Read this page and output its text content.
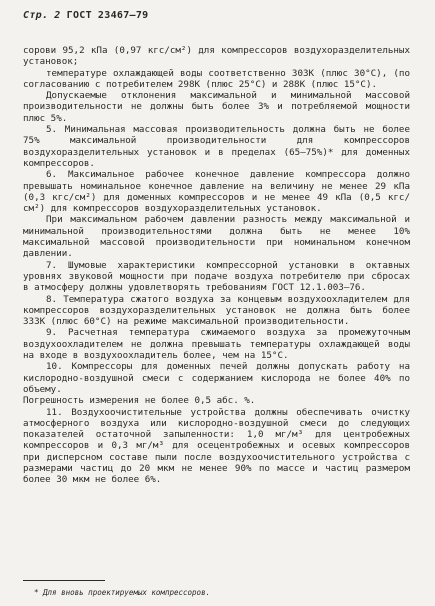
Стр. 2 ГОСТ 23467—79

сорови 95,2 кПа (0,97 кгс/см²) для компрессоров воздухоразделительных установок;

температуре охлаждающей воды соответственно 303К (плюс 30°С), (по согласованию с потребителем 298К (плюс 25°С) и 288К (плюс 15°С).

Допускаемые отклонения максимальной и минимальной массовой производительности не должны быть более 3% и потребляемой мощности плюс 5%.

5. Минимальная массовая производительность должна быть не более 75% максимальной производительности для компрессоров воздухоразделительных установок и в пределах (65—75%)* для доменных компрессоров.

6. Максимальное рабочее конечное давление компрессора должно превышать номинальное конечное давление на величину не менее 29 кПа (0,3 кгс/см²) для доменных компрессоров и не менее 49 кПа (0,5 кгс/см²) для компрессоров воздухоразделительных установок.

При максимальном рабочем давлении разность между максимальной и минимальной производительностями должна быть не менее 10% максимальной массовой производительности при номинальном конечном давлении.

7. Шумовые характеристики компрессорной установки в октавных уровнях звуковой мощности при подаче воздуха потребителю при сбросах в атмосферу должны удовлетворять требованиям ГОСТ 12.1.003—76.

8. Температура сжатого воздуха за концевым воздухоохладителем для компрессоров воздухоразделительных установок не должна быть более 333К (плюс 60°С) на режиме максимальной производительности.

9. Расчетная температура сжимаемого воздуха за промежуточным воздухоохладителем не должна превышать температуры охлаждающей воды на входе в воздухоохладитель более, чем на 15°С.

10. Компрессоры для доменных печей должны допускать работу на кислородно-воздушной смеси с содержанием кислорода не более 40% по объему.

Погрешность измерения не более 0,5 абс. %.

11. Воздухоочистительные устройства должны обеспечивать очистку атмосферного воздуха или кислородно-воздушной смеси до следующих показателей остаточной запыленности: 1,0 мг/м³ для центробежных компрессоров и 0,3 мг/м³ для осецентробежных и осевых компрессоров при дисперсном составе пыли после воздухоочистительного устройства с размерами частиц до 20 мкм не менее 90% по массе и частиц размером более 30 мкм не более 6%.

* Для вновь проектируемых компрессоров.
